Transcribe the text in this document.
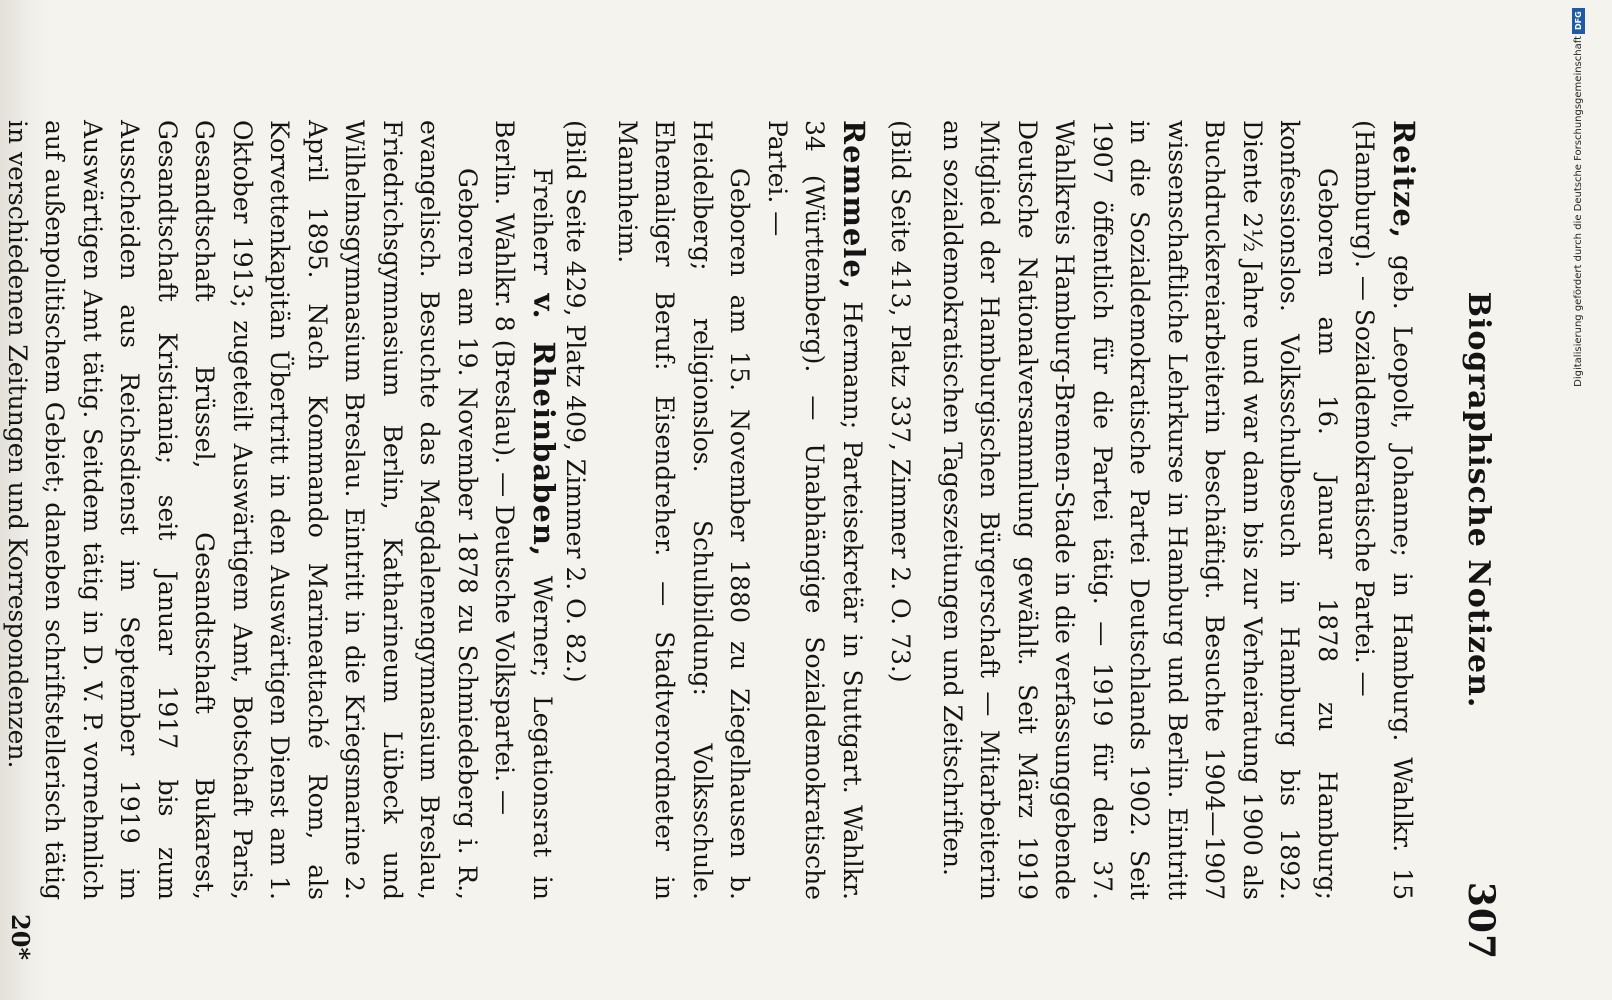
Biographische Notizen.
307

Reitze, geb. Leopolt, Johanne; in Hamburg. Wahlkr. 15 (Hamburg). — Sozialdemokratische Partei. —

Geboren am 16. Januar 1878 zu Hamburg; konfessionslos. Volksschulbesuch in Hamburg bis 1892. Diente 2½ Jahre und war dann bis zur Verheiratung 1900 als Buchdruckereiarbeiterin beschäftigt. Besuchte 1904—1907 wissenschaftliche Lehrkurse in Hamburg und Berlin. Eintritt in die Sozialdemokratische Partei Deutschlands 1902. Seit 1907 öffentlich für die Partei tätig. — 1919 für den 37. Wahlkreis Hamburg-Bremen-Stade in die verfassunggebende Deutsche Nationalversammlung gewählt. Seit März 1919 Mitglied der Hamburgischen Bürgerschaft — Mitarbeiterin an sozialdemokratischen Tageszeitungen und Zeitschriften.

(Bild Seite 413, Platz 337, Zimmer 2. O. 73.)

Remmele, Hermann; Parteisekretär in Stuttgart. Wahlkr. 34 (Württemberg). — Unabhängige Sozialdemokratische Partei. —

Geboren am 15. November 1880 zu Ziegelhausen b. Heidelberg; religionslos. Schulbildung: Volksschule. Ehemaliger Beruf: Eisendreher. — Stadtverordneter in Mannheim.

(Bild Seite 429, Platz 409, Zimmer 2. O. 82.)

Freiherr v. Rheinbaben, Werner; Legationsrat in Berlin. Wahlkr. 8 (Breslau). — Deutsche Volkspartei. —

Geboren am 19. November 1878 zu Schmiedeberg i. R., evangelisch. Besuchte das Magdalenengymnasium Breslau, Friedrichsgymnasium Berlin, Katharineum Lübeck und Wilhelmsgymnasium Breslau. Eintritt in die Kriegsmarine 2. April 1895. Nach Kommando Marineattaché Rom, als Korvettenkapitän Übertritt in den Auswärtigen Dienst am 1. Oktober 1913; zugeteilt Auswärtigem Amt, Botschaft Paris, Gesandtschaft Brüssel, Gesandtschaft Bukarest, Gesandtschaft Kristiania; seit Januar 1917 bis zum Ausscheiden aus Reichsdienst im September 1919 im Auswärtigen Amt tätig. Seitdem tätig in D. V. P. vornehmlich auf außenpolitischem Gebiet; daneben schriftstellerisch tätig in verschiedenen Zeitungen und Korrespondenzen.

20*
DFG
Digitalisierung gefördert durch die Deutsche Forschungsgemeinschaft
